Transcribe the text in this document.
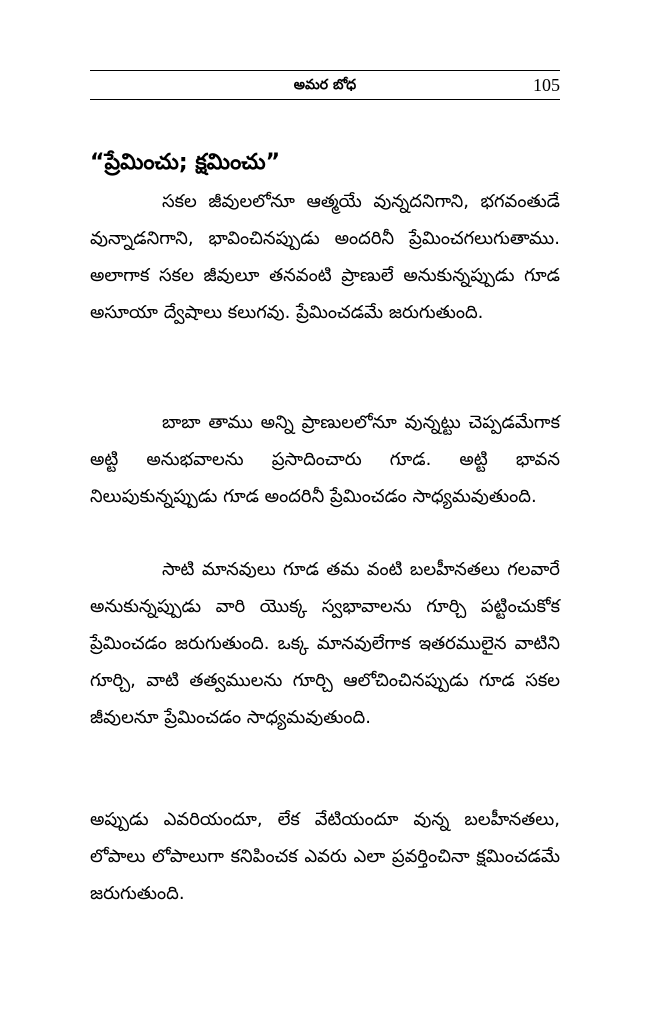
అమర బోధ	105
“ప్రేమించు; క్షమించు”

సకల జీవులలోనూ ఆత్మయే వున్నదనిగాని, భగవంతుడే వున్నాడనిగాని, భావించినప్పుడు అందరినీ ప్రేమించగలుగుతాము. అలాగాక సకల జీవులూ తనవంటి ప్రాణులే అనుకున్నప్పుడు గూడ అసూయా ద్వేషాలు కలుగవు. ప్రేమించడమే జరుగుతుంది.

బాబా తాము అన్ని ప్రాణులలోనూ వున్నట్టు చెప్పడమేగాక అట్టి అనుభవాలను ప్రసాదించారు గూడ. అట్టి భావన నిలుపుకున్నప్పుడు గూడ అందరినీ ప్రేమించడం సాధ్యమవుతుంది.

సాటి మానవులు గూడ తమ వంటి బలహీనతలు గలవారే అనుకున్నప్పుడు వారి యొక్క స్వభావాలను గూర్చి పట్టించుకోక ప్రేమించడం జరుగుతుంది. ఒక్క మానవులేగాక ఇతరములైన వాటిని గూర్చి, వాటి తత్వములను గూర్చి ఆలోచించినప్పుడు గూడ సకల జీవులనూ ప్రేమించడం సాధ్యమవుతుంది.

అప్పుడు ఎవరియందూ, లేక వేటియందూ వున్న బలహీనతలు, లోపాలు లోపాలుగా కనిపించక ఎవరు ఎలా ప్రవర్తించినా క్షమించడమే జరుగుతుంది.
